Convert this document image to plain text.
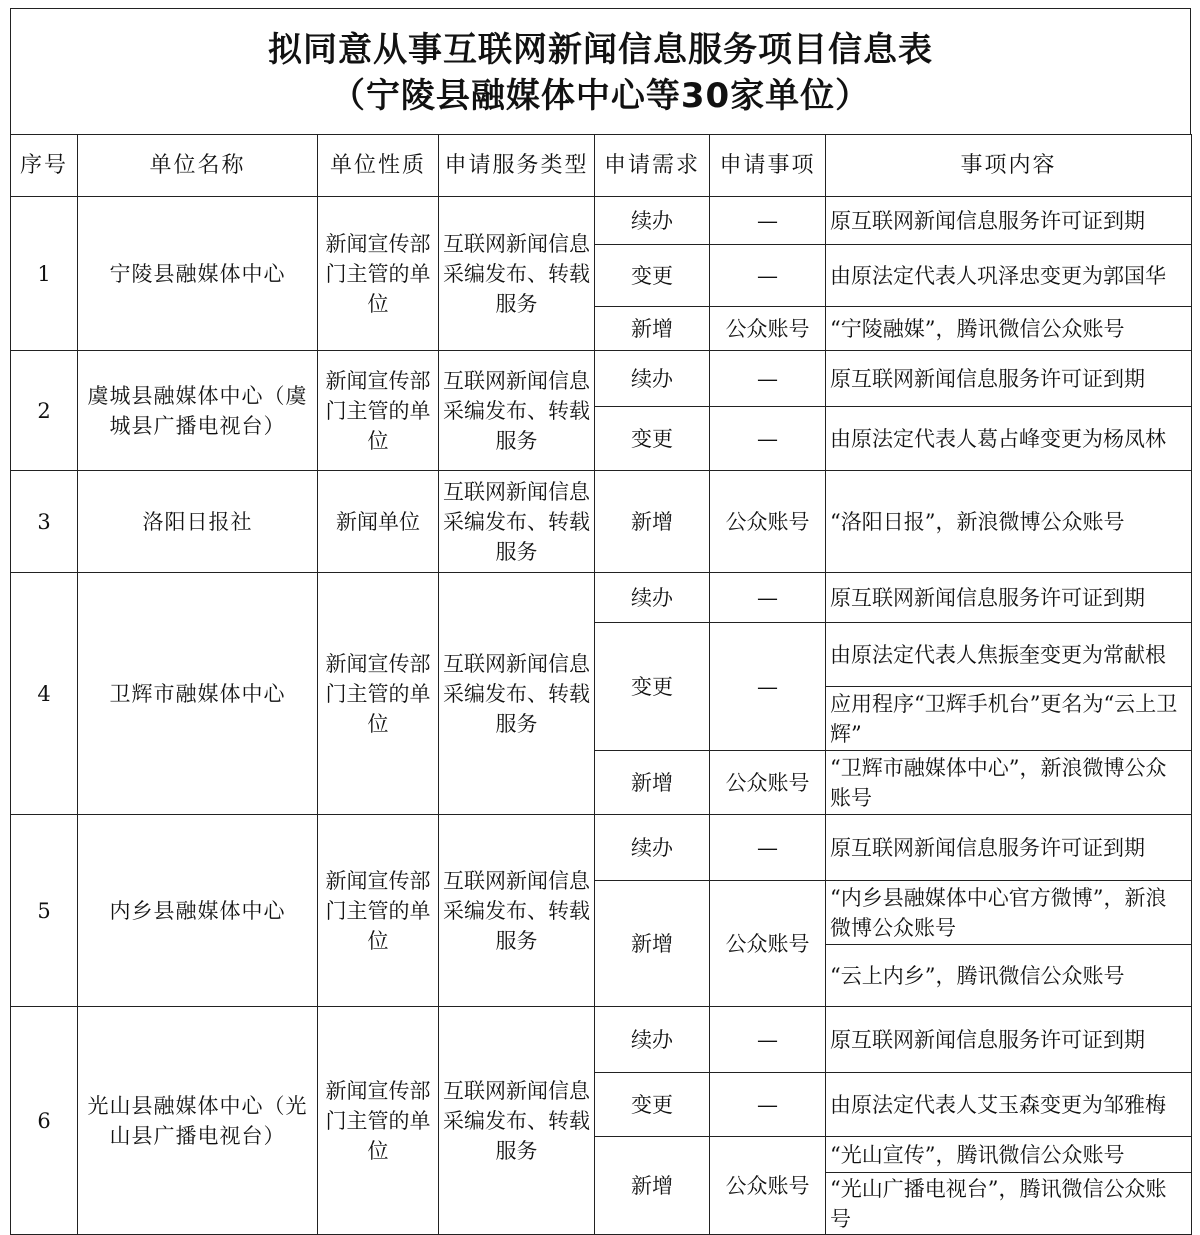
拟同意从事互联网新闻信息服务项目信息表
（宁陵县融媒体中心等30家单位）
序号	单位名称	单位性质	申请服务类型	申请需求	申请事项	事项内容
1	宁陵县融媒体中心	新闻宣传部门主管的单位	互联网新闻信息采编发布、转载服务	续办	—	原互联网新闻信息服务许可证到期
				变更	—	由原法定代表人巩泽忠变更为郭国华
				新增	公众账号	“宁陵融媒”，腾讯微信公众账号
2	虞城县融媒体中心（虞城县广播电视台）	新闻宣传部门主管的单位	互联网新闻信息采编发布、转载服务	续办	—	原互联网新闻信息服务许可证到期
				变更	—	由原法定代表人葛占峰变更为杨凤林
3	洛阳日报社	新闻单位	互联网新闻信息采编发布、转载服务	新增	公众账号	“洛阳日报”，新浪微博公众账号
4	卫辉市融媒体中心	新闻宣传部门主管的单位	互联网新闻信息采编发布、转载服务	续办	—	原互联网新闻信息服务许可证到期
				变更	—	由原法定代表人焦振奎变更为常献根
						应用程序“卫辉手机台”更名为“云上卫辉”
				新增	公众账号	“卫辉市融媒体中心”，新浪微博公众账号
5	内乡县融媒体中心	新闻宣传部门主管的单位	互联网新闻信息采编发布、转载服务	续办	—	原互联网新闻信息服务许可证到期
				新增	公众账号	“内乡县融媒体中心官方微博”，新浪微博公众账号
						“云上内乡”，腾讯微信公众账号
6	光山县融媒体中心（光山县广播电视台）	新闻宣传部门主管的单位	互联网新闻信息采编发布、转载服务	续办	—	原互联网新闻信息服务许可证到期
				变更	—	由原法定代表人艾玉森变更为邹雅梅
				新增	公众账号	“光山宣传”，腾讯微信公众账号
						“光山广播电视台”，腾讯微信公众账号
